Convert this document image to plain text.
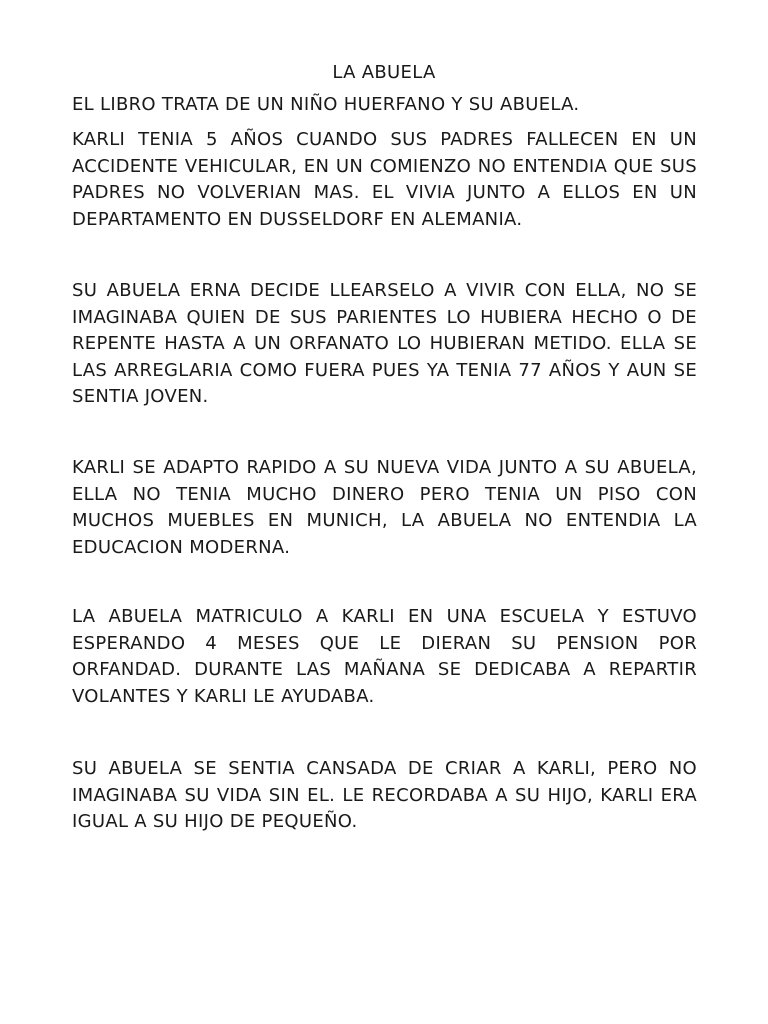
LA ABUELA

EL LIBRO TRATA DE UN NIÑO HUERFANO Y SU ABUELA.

KARLI TENIA 5 AÑOS CUANDO SUS PADRES FALLECEN EN UN ACCIDENTE VEHICULAR, EN UN COMIENZO NO ENTENDIA QUE SUS PADRES NO VOLVERIAN MAS. EL VIVIA JUNTO A ELLOS EN UN DEPARTAMENTO EN DUSSELDORF EN ALEMANIA.

SU ABUELA ERNA DECIDE LLEARSELO A VIVIR CON ELLA, NO SE IMAGINABA QUIEN DE SUS PARIENTES LO HUBIERA HECHO O DE REPENTE HASTA A UN ORFANATO LO HUBIERAN METIDO. ELLA SE LAS ARREGLARIA COMO FUERA PUES YA TENIA 77 AÑOS Y AUN SE SENTIA JOVEN.

KARLI SE ADAPTO RAPIDO A SU NUEVA VIDA JUNTO A SU ABUELA, ELLA NO TENIA MUCHO DINERO PERO TENIA UN PISO CON MUCHOS MUEBLES EN MUNICH, LA ABUELA NO ENTENDIA LA EDUCACION MODERNA.

LA ABUELA MATRICULO A KARLI EN UNA ESCUELA Y ESTUVO ESPERANDO 4 MESES QUE LE DIERAN SU PENSION POR ORFANDAD. DURANTE LAS MAÑANA SE DEDICABA A REPARTIR VOLANTES Y KARLI LE AYUDABA.

SU ABUELA SE SENTIA CANSADA DE CRIAR A KARLI, PERO NO IMAGINABA SU VIDA SIN EL. LE RECORDABA A SU HIJO, KARLI ERA IGUAL A SU HIJO DE PEQUEÑO.
